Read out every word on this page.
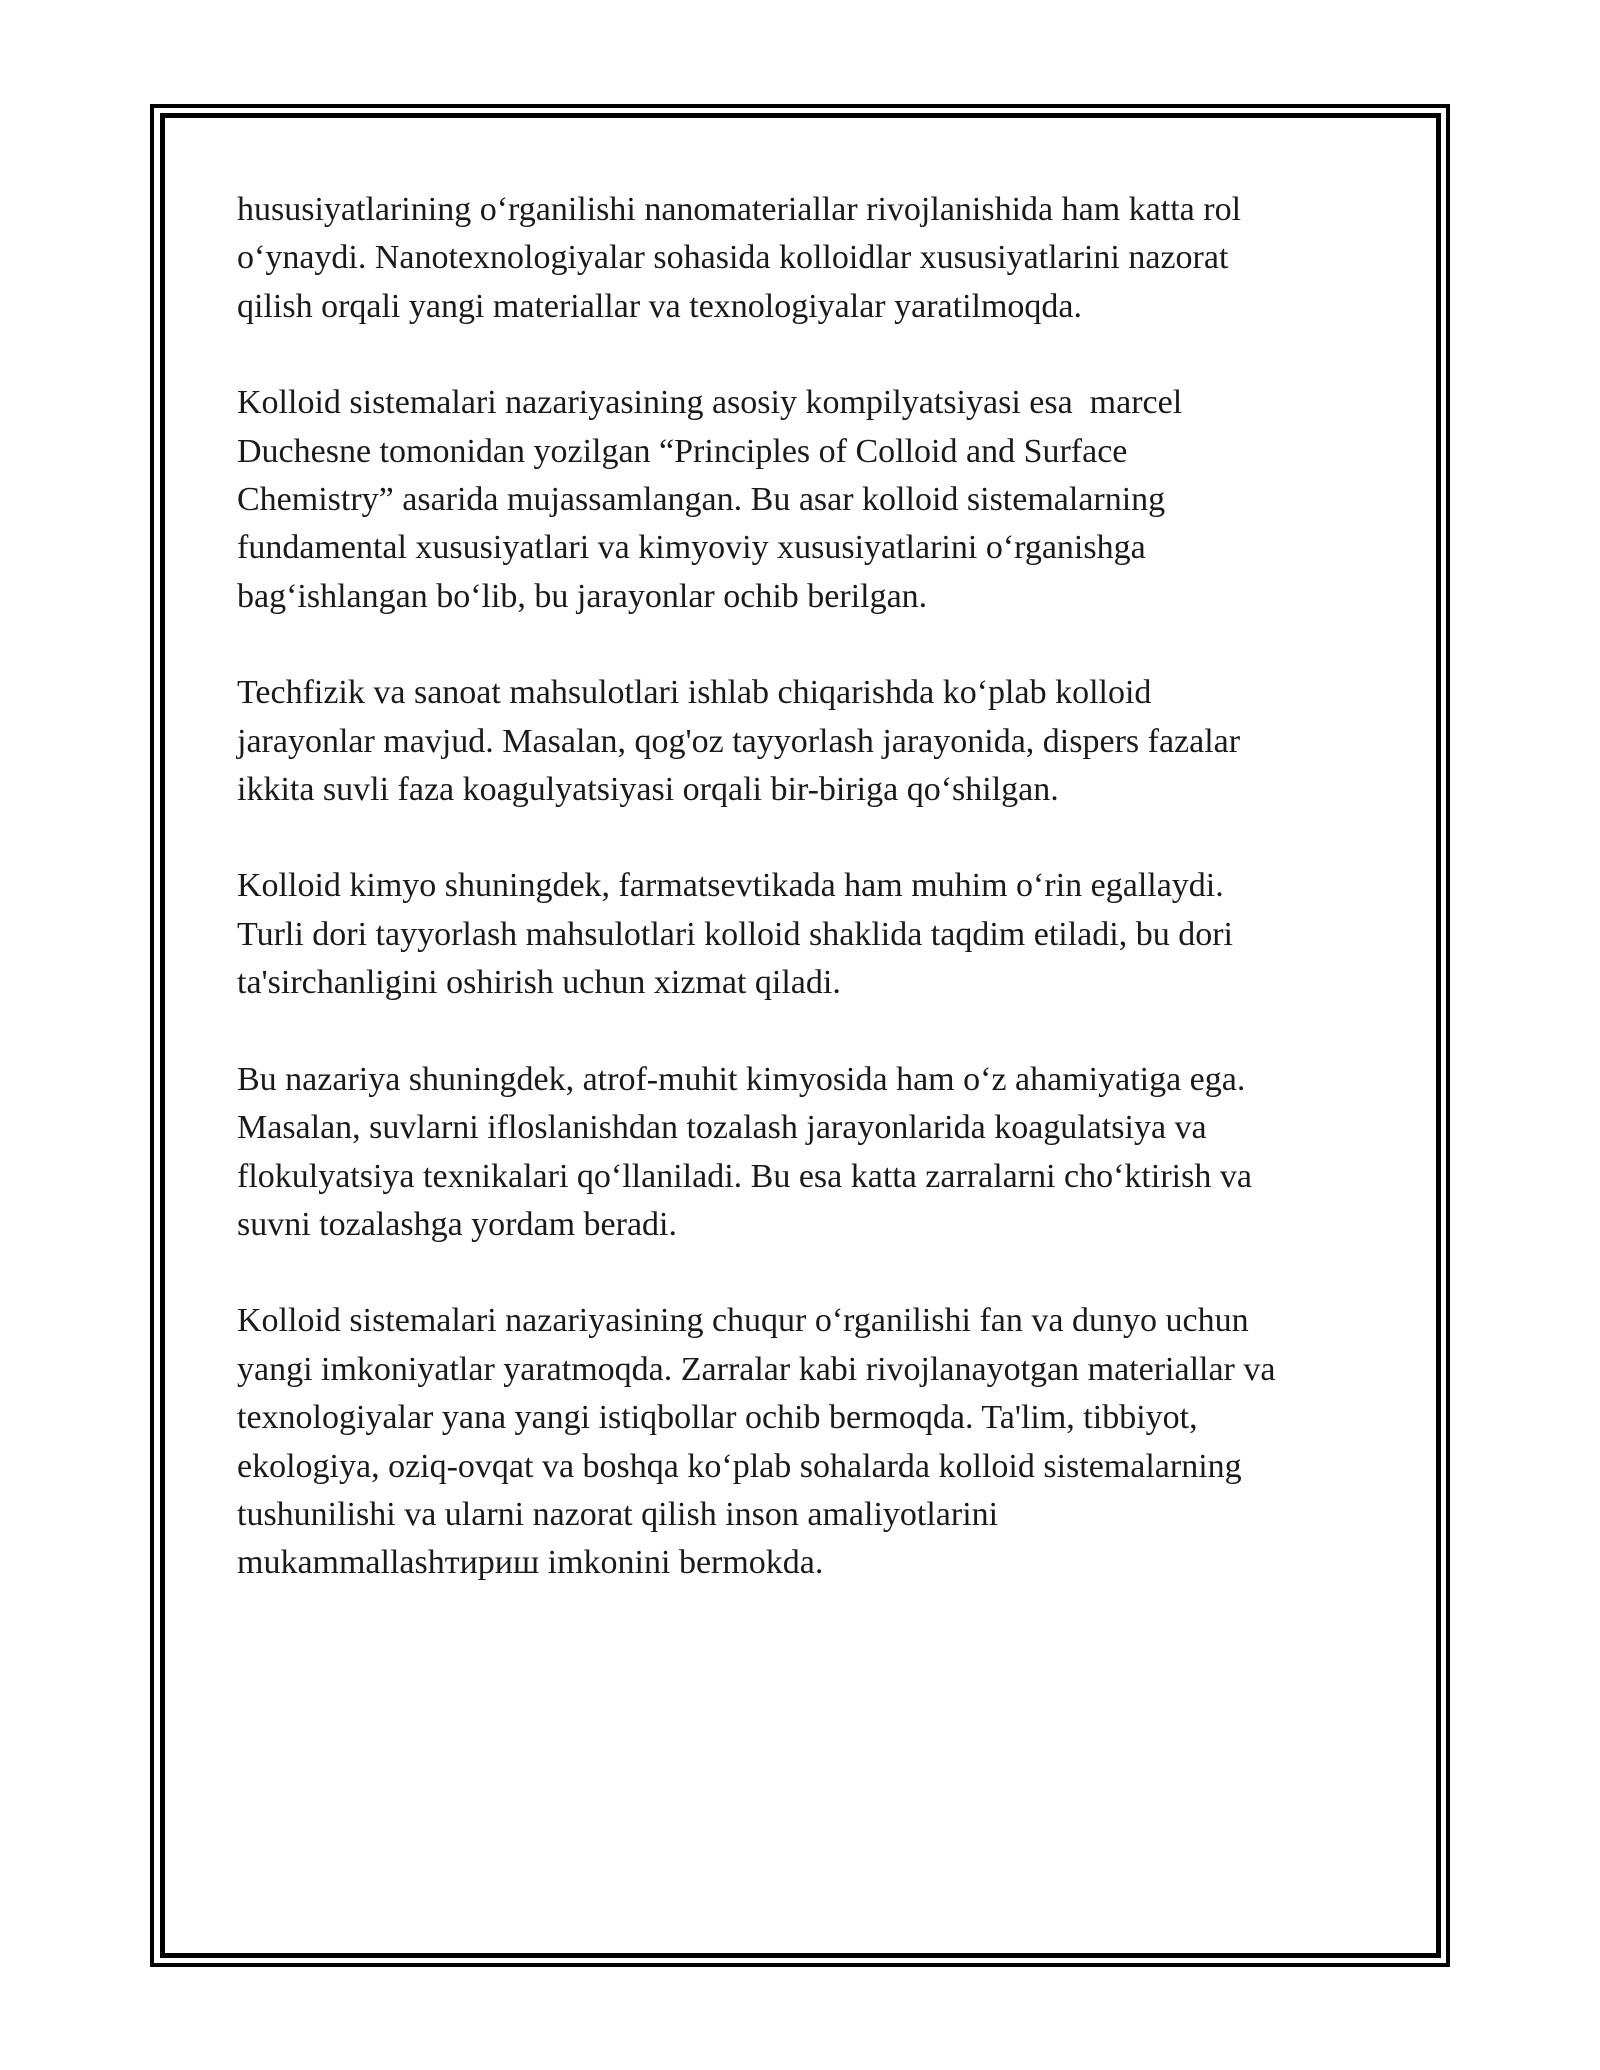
hususiyatlarining o‘rganilishi nanomateriallar rivojlanishida ham katta rol
o‘ynaydi. Nanotexnologiyalar sohasida kolloidlar xususiyatlarini nazorat
qilish orqali yangi materiallar va texnologiyalar yaratilmoqda.

Kolloid sistemalari nazariyasining asosiy kompilyatsiyasi esa  marcel
Duchesne tomonidan yozilgan “Principles of Colloid and Surface
Chemistry” asarida mujassamlangan. Bu asar kolloid sistemalarning
fundamental xususiyatlari va kimyoviy xususiyatlarini o‘rganishga
bag‘ishlangan bo‘lib, bu jarayonlar ochib berilgan.

Techfizik va sanoat mahsulotlari ishlab chiqarishda ko‘plab kolloid
jarayonlar mavjud. Masalan, qog'oz tayyorlash jarayonida, dispers fazalar
ikkita suvli faza koagulyatsiyasi orqali bir-biriga qo‘shilgan.

Kolloid kimyo shuningdek, farmatsevtikada ham muhim o‘rin egallaydi.
Turli dori tayyorlash mahsulotlari kolloid shaklida taqdim etiladi, bu dori
ta'sirchanligini oshirish uchun xizmat qiladi.

Bu nazariya shuningdek, atrof-muhit kimyosida ham o‘z ahamiyatiga ega.
Masalan, suvlarni ifloslanishdan tozalash jarayonlarida koagulatsiya va
flokulyatsiya texnikalari qo‘llaniladi. Bu esa katta zarralarni cho‘ktirish va
suvni tozalashga yordam beradi.

Kolloid sistemalari nazariyasining chuqur o‘rganilishi fan va dunyo uchun
yangi imkoniyatlar yaratmoqda. Zarralar kabi rivojlanayotgan materiallar va
texnologiyalar yana yangi istiqbollar ochib bermoqda. Ta'lim, tibbiyot,
ekologiya, oziq-ovqat va boshqa ko‘plab sohalarda kolloid sistemalarning
tushunilishi va ularni nazorat qilish inson amaliyotlarini
mukammallashтириш imkonini bermokda.
